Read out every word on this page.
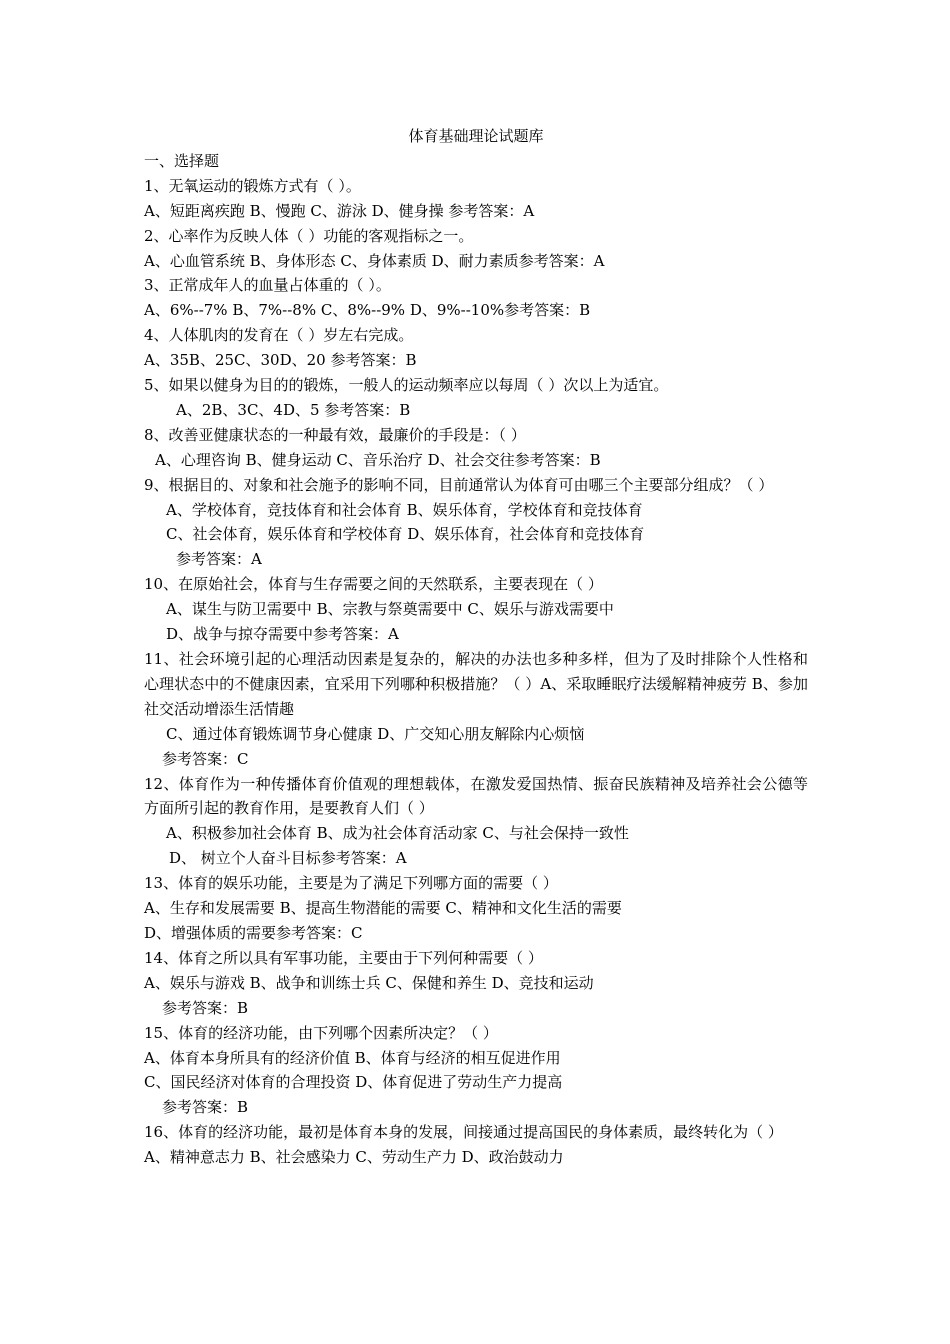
体育基础理论试题库
一、选择题
1、无氧运动的锻炼方式有（ ）。
A、短距离疾跑 B、慢跑 C、游泳 D、健身操 参考答案：A
2、心率作为反映人体（ ）功能的客观指标之一。
A、心血管系统 B、身体形态 C、身体素质 D、耐力素质参考答案：A
3、正常成年人的血量占体重的（ ）。
A、6%--7% B、7%--8% C、8%--9% D、9%--10%参考答案：B
4、人体肌肉的发育在（ ）岁左右完成。
A、35B、25C、30D、20 参考答案：B
5、如果以健身为目的的锻炼，一般人的运动频率应以每周（ ）次以上为适宜。
A、2B、3C、4D、5 参考答案：B
8、改善亚健康状态的一种最有效，最廉价的手段是：（ ）
A、心理咨询 B、健身运动 C、音乐治疗 D、社会交往参考答案：B
9、根据目的、对象和社会施予的影响不同，目前通常认为体育可由哪三个主要部分组成？（ ）
A、学校体育，竞技体育和社会体育 B、娱乐体育，学校体育和竞技体育
C、社会体育，娱乐体育和学校体育 D、娱乐体育，社会体育和竞技体育
参考答案：A
10、在原始社会，体育与生存需要之间的天然联系，主要表现在（ ）
A、谋生与防卫需要中 B、宗教与祭奠需要中 C、娱乐与游戏需要中
D、战争与掠夺需要中参考答案：A
11、社会环境引起的心理活动因素是复杂的，解决的办法也多种多样，但为了及时排除个人性格和心理状态中的不健康因素，宜采用下列哪种积极措施？（ ）A、采取睡眠疗法缓解精神疲劳 B、参加社交活动增添生活情趣
C、通过体育锻炼调节身心健康 D、广交知心朋友解除内心烦恼
参考答案：C
12、体育作为一种传播体育价值观的理想载体，在激发爱国热情、振奋民族精神及培养社会公德等方面所引起的教育作用，是要教育人们（ ）
A、积极参加社会体育 B、成为社会体育活动家 C、与社会保持一致性
D、 树立个人奋斗目标参考答案：A
13、体育的娱乐功能，主要是为了满足下列哪方面的需要（ ）
A、生存和发展需要 B、提高生物潜能的需要 C、精神和文化生活的需要
D、增强体质的需要参考答案：C
14、体育之所以具有军事功能，主要由于下列何种需要（ ）
A、娱乐与游戏 B、战争和训练士兵 C、保健和养生 D、竞技和运动
参考答案：B
15、体育的经济功能，由下列哪个因素所决定？（ ）
A、体育本身所具有的经济价值 B、体育与经济的相互促进作用
C、国民经济对体育的合理投资 D、体育促进了劳动生产力提高
参考答案：B
16、体育的经济功能，最初是体育本身的发展，间接通过提高国民的身体素质，最终转化为（ ）
A、精神意志力 B、社会感染力 C、劳动生产力 D、政治鼓动力
